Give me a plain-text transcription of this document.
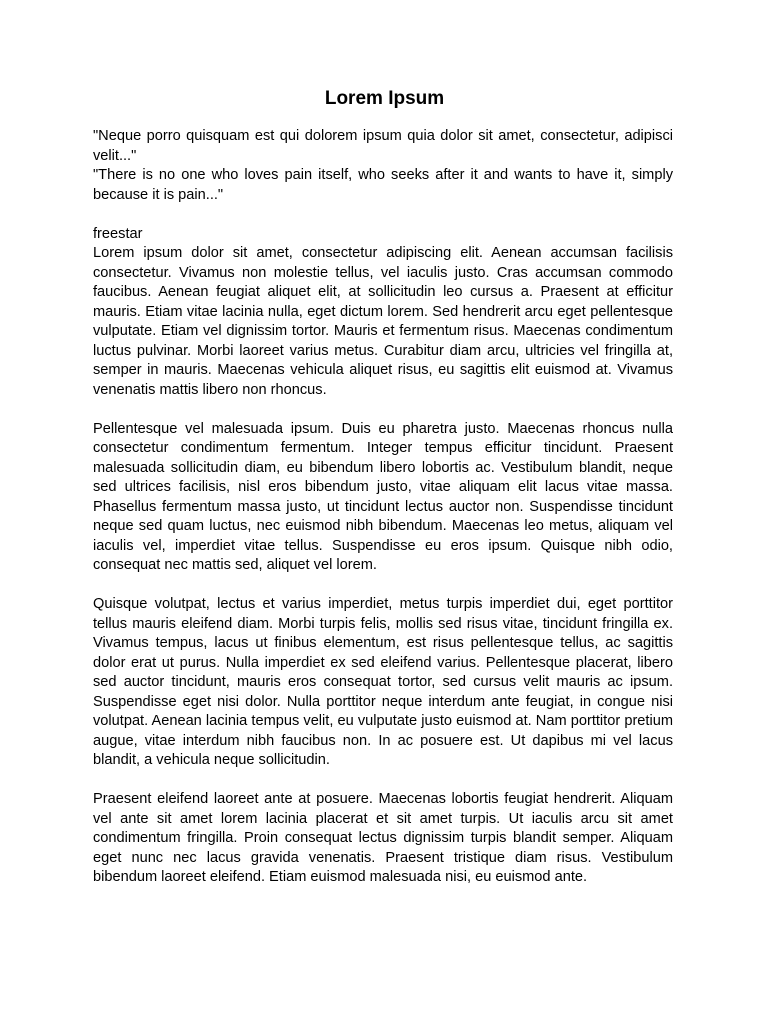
Lorem Ipsum

"Neque porro quisquam est qui dolorem ipsum quia dolor sit amet, consectetur, adipisci velit..."

"There is no one who loves pain itself, who seeks after it and wants to have it, simply because it is pain..."

freestar

Lorem ipsum dolor sit amet, consectetur adipiscing elit. Aenean accumsan facilisis consectetur. Vivamus non molestie tellus, vel iaculis justo. Cras accumsan commodo faucibus. Aenean feugiat aliquet elit, at sollicitudin leo cursus a. Praesent at efficitur mauris. Etiam vitae lacinia nulla, eget dictum lorem. Sed hendrerit arcu eget pellentesque vulputate. Etiam vel dignissim tortor. Mauris et fermentum risus. Maecenas condimentum luctus pulvinar. Morbi laoreet varius metus. Curabitur diam arcu, ultricies vel fringilla at, semper in mauris. Maecenas vehicula aliquet risus, eu sagittis elit euismod at. Vivamus venenatis mattis libero non rhoncus.

Pellentesque vel malesuada ipsum. Duis eu pharetra justo. Maecenas rhoncus nulla consectetur condimentum fermentum. Integer tempus efficitur tincidunt. Praesent malesuada sollicitudin diam, eu bibendum libero lobortis ac. Vestibulum blandit, neque sed ultrices facilisis, nisl eros bibendum justo, vitae aliquam elit lacus vitae massa. Phasellus fermentum massa justo, ut tincidunt lectus auctor non. Suspendisse tincidunt neque sed quam luctus, nec euismod nibh bibendum. Maecenas leo metus, aliquam vel iaculis vel, imperdiet vitae tellus. Suspendisse eu eros ipsum. Quisque nibh odio, consequat nec mattis sed, aliquet vel lorem.

Quisque volutpat, lectus et varius imperdiet, metus turpis imperdiet dui, eget porttitor tellus mauris eleifend diam. Morbi turpis felis, mollis sed risus vitae, tincidunt fringilla ex. Vivamus tempus, lacus ut finibus elementum, est risus pellentesque tellus, ac sagittis dolor erat ut purus. Nulla imperdiet ex sed eleifend varius. Pellentesque placerat, libero sed auctor tincidunt, mauris eros consequat tortor, sed cursus velit mauris ac ipsum. Suspendisse eget nisi dolor. Nulla porttitor neque interdum ante feugiat, in congue nisi volutpat. Aenean lacinia tempus velit, eu vulputate justo euismod at. Nam porttitor pretium augue, vitae interdum nibh faucibus non. In ac posuere est. Ut dapibus mi vel lacus blandit, a vehicula neque sollicitudin.

Praesent eleifend laoreet ante at posuere. Maecenas lobortis feugiat hendrerit. Aliquam vel ante sit amet lorem lacinia placerat et sit amet turpis. Ut iaculis arcu sit amet condimentum fringilla. Proin consequat lectus dignissim turpis blandit semper. Aliquam eget nunc nec lacus gravida venenatis. Praesent tristique diam risus. Vestibulum bibendum laoreet eleifend. Etiam euismod malesuada nisi, eu euismod ante.
